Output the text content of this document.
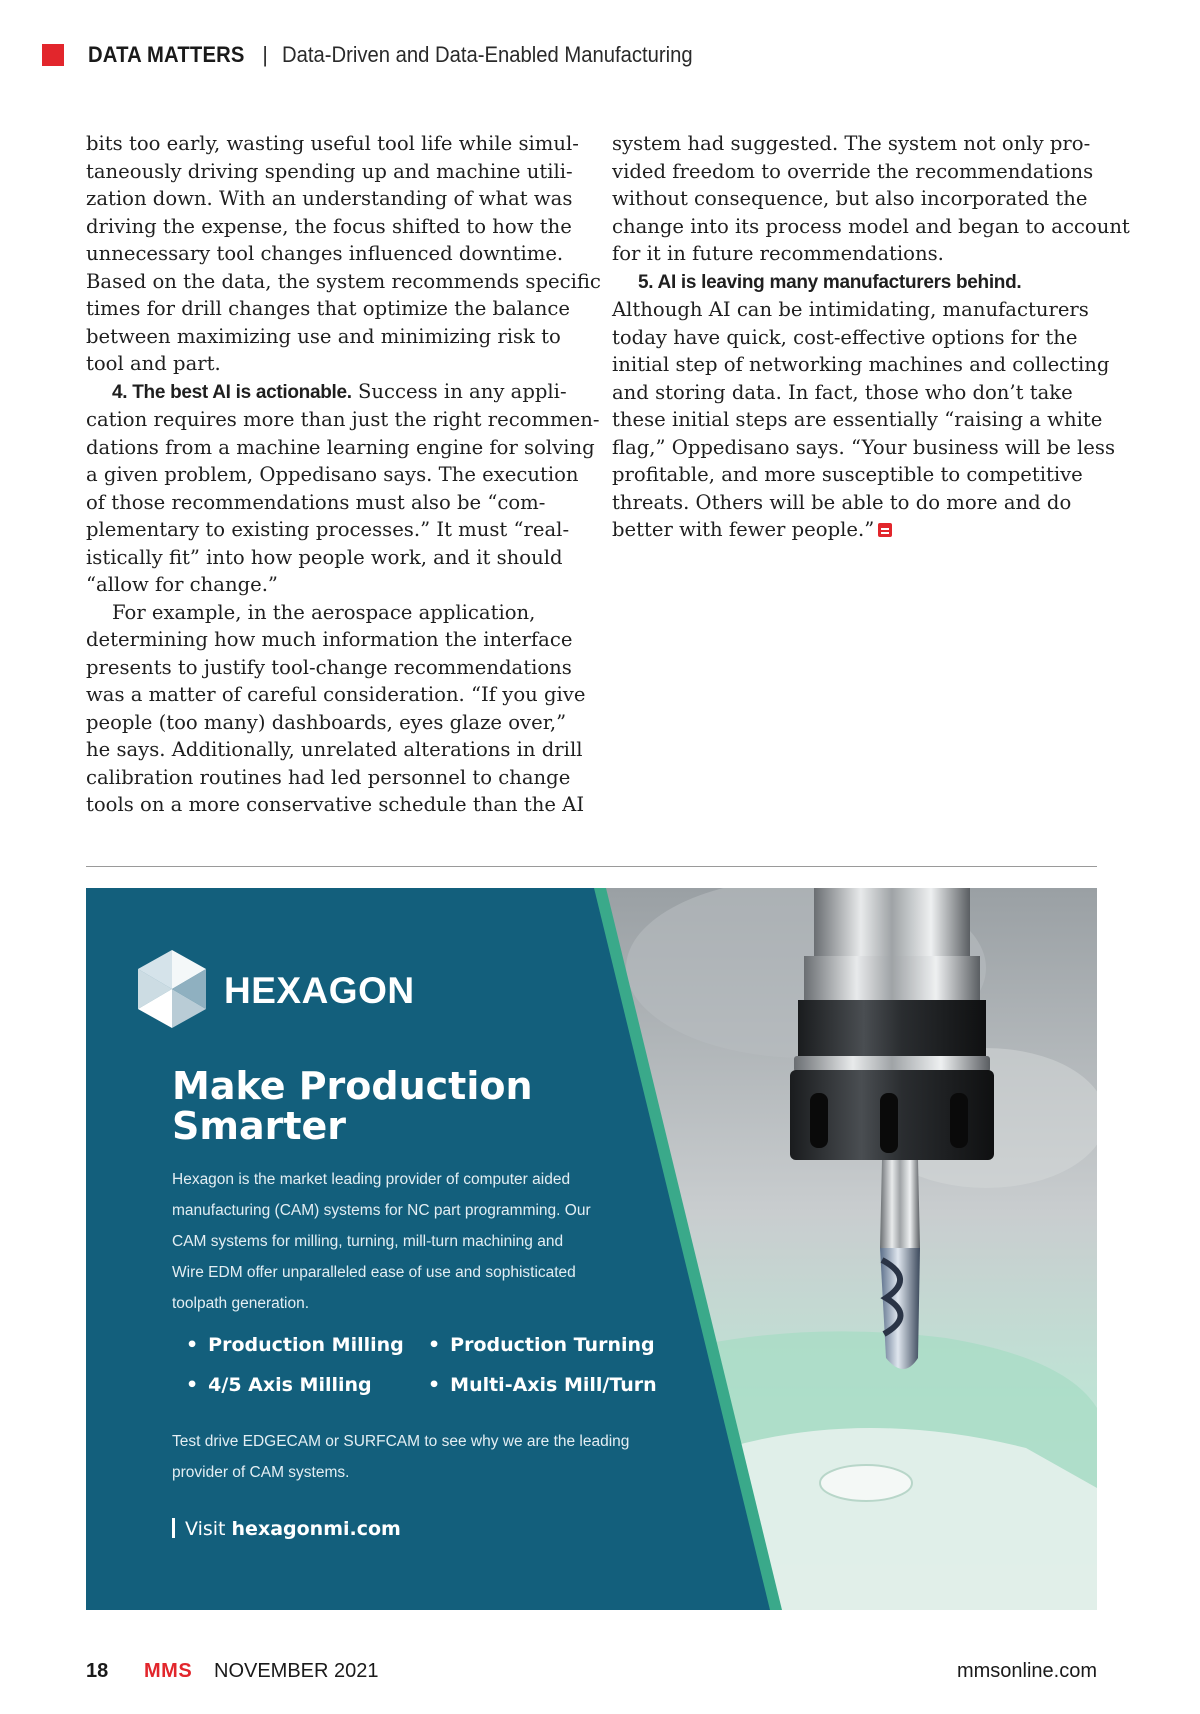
DATA MATTERS | Data-Driven and Data-Enabled Manufacturing
bits too early, wasting useful tool life while simul-
taneously driving spending up and machine utili-
zation down. With an understanding of what was
driving the expense, the focus shifted to how the
unnecessary tool changes influenced downtime.
Based on the data, the system recommends specific
times for drill changes that optimize the balance
between maximizing use and minimizing risk to
tool and part.
4. The best AI is actionable. Success in any appli-
cation requires more than just the right recommen-
dations from a machine learning engine for solving
a given problem, Oppedisano says. The execution
of those recommendations must also be “com-
plementary to existing processes.” It must “real-
istically fit” into how people work, and it should
“allow for change.”
For example, in the aerospace application,
determining how much information the interface
presents to justify tool-change recommendations
was a matter of careful consideration. “If you give
people (too many) dashboards, eyes glaze over,”
he says. Additionally, unrelated alterations in drill
calibration routines had led personnel to change
tools on a more conservative schedule than the AI
system had suggested. The system not only pro-
vided freedom to override the recommendations
without consequence, but also incorporated the
change into its process model and began to account
for it in future recommendations.
5. AI is leaving many manufacturers behind.
Although AI can be intimidating, manufacturers
today have quick, cost-effective options for the
initial step of networking machines and collecting
and storing data. In fact, those who don’t take
these initial steps are essentially “raising a white
flag,” Oppedisano says. “Your business will be less
profitable, and more susceptible to competitive
threats. Others will be able to do more and do
better with fewer people.”
HEXAGON
Make Production
Smarter
Hexagon is the market leading provider of computer aided
manufacturing (CAM) systems for NC part programming. Our
CAM systems for milling, turning, mill-turn machining and
Wire EDM offer unparalleled ease of use and sophisticated
toolpath generation.
• Production Milling	• Production Turning
• 4/5 Axis Milling	• Multi-Axis Mill/Turn
Test drive EDGECAM or SURFCAM to see why we are the leading
provider of CAM systems.
Visit hexagonmi.com
18 MMS NOVEMBER 2021	mmsonline.com
